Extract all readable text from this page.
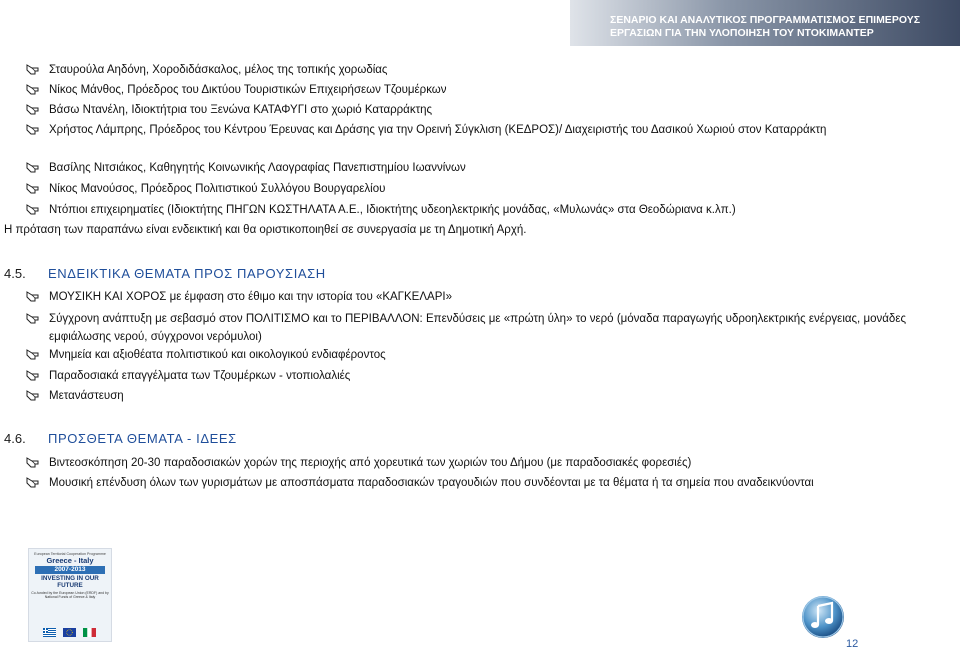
ΣΕΝΑΡΙΟ ΚΑΙ ΑΝΑΛΥΤΙΚΟΣ ΠΡΟΓΡΑΜΜΑΤΙΣΜΟΣ ΕΠΙΜΕΡΟΥΣ
ΕΡΓΑΣΙΩΝ ΓΙΑ ΤΗΝ ΥΛΟΠΟΙΗΣΗ ΤΟΥ ΝΤΟΚΙΜΑΝΤΕΡ
Σταυρούλα Αηδόνη, Χοροδιδάσκαλος, μέλος της τοπικής χορωδίας
Νίκος Μάνθος, Πρόεδρος του Δικτύου Τουριστικών Επιχειρήσεων Τζουμέρκων
Βάσω Ντανέλη, Ιδιοκτήτρια του Ξενώνα ΚΑΤΑΦΥΓΙ στο χωριό Καταρράκτης
Χρήστος Λάμπρης, Πρόεδρος του Κέντρου Έρευνας και Δράσης για την Ορεινή Σύγκλιση (ΚΕΔΡΟΣ)/ Διαχειριστής του Δασικού Χωριού στον Καταρράκτη
Βασίλης Νιτσιάκος, Καθηγητής Κοινωνικής Λαογραφίας Πανεπιστημίου Ιωαννίνων
Νίκος Μανούσος, Πρόεδρος Πολιτιστικού Συλλόγου Βουργαρελίου
Ντόπιοι επιχειρηματίες (Ιδιοκτήτης ΠΗΓΩΝ ΚΩΣΤΗΛΑΤΑ Α.Ε., Ιδιοκτήτης υδεοηλεκτρικής μονάδας, «Μυλωνάς» στα Θεοδώριανα κ.λπ.)
Η πρόταση των παραπάνω είναι ενδεικτική και θα οριστικοποιηθεί σε συνεργασία με τη Δημοτική Αρχή.
4.5. ΕΝΔΕΙΚΤΙΚΑ ΘΕΜΑΤΑ ΠΡΟΣ ΠΑΡΟΥΣΙΑΣΗ
ΜΟΥΣΙΚΗ ΚΑΙ ΧΟΡΟΣ με έμφαση στο έθιμο και την ιστορία του «ΚΑΓΚΕΛΑΡΙ»
Σύγχρονη ανάπτυξη με σεβασμό στον ΠΟΛΙΤΙΣΜΟ και το ΠΕΡΙΒΑΛΛΟΝ: Επενδύσεις με «πρώτη ύλη» το νερό (μόναδα παραγωγής υδροηλεκτρικής ενέργειας, μονάδες εμφιάλωσης νερού, σύγχρονοι νερόμυλοι)
Μνημεία και αξιοθέατα πολιτιστικού και οικολογικού ενδιαφέροντος
Παραδοσιακά επαγγέλματα των Τζουμέρκων - ντοπιολαλιές
Μετανάστευση
4.6. ΠΡΟΣΘΕΤΑ ΘΕΜΑΤΑ - ΙΔΕΕΣ
Βιντεοσκόπηση 20-30 παραδοσιακών χορών της περιοχής από χορευτικά των χωριών του Δήμου (με παραδοσιακές φορεσιές)
Μουσική επένδυση όλων των γυρισμάτων με αποσπάσματα παραδοσιακών τραγουδιών που συνδέονται με τα θέματα ή τα σημεία που αναδεικνύονται
European Territorial Cooperation Programme
Greece - Italy
2007-2013
INVESTING IN OUR FUTURE
Co-funded by the European Union (ERDF) and by National Funds of Greece & Italy
12
